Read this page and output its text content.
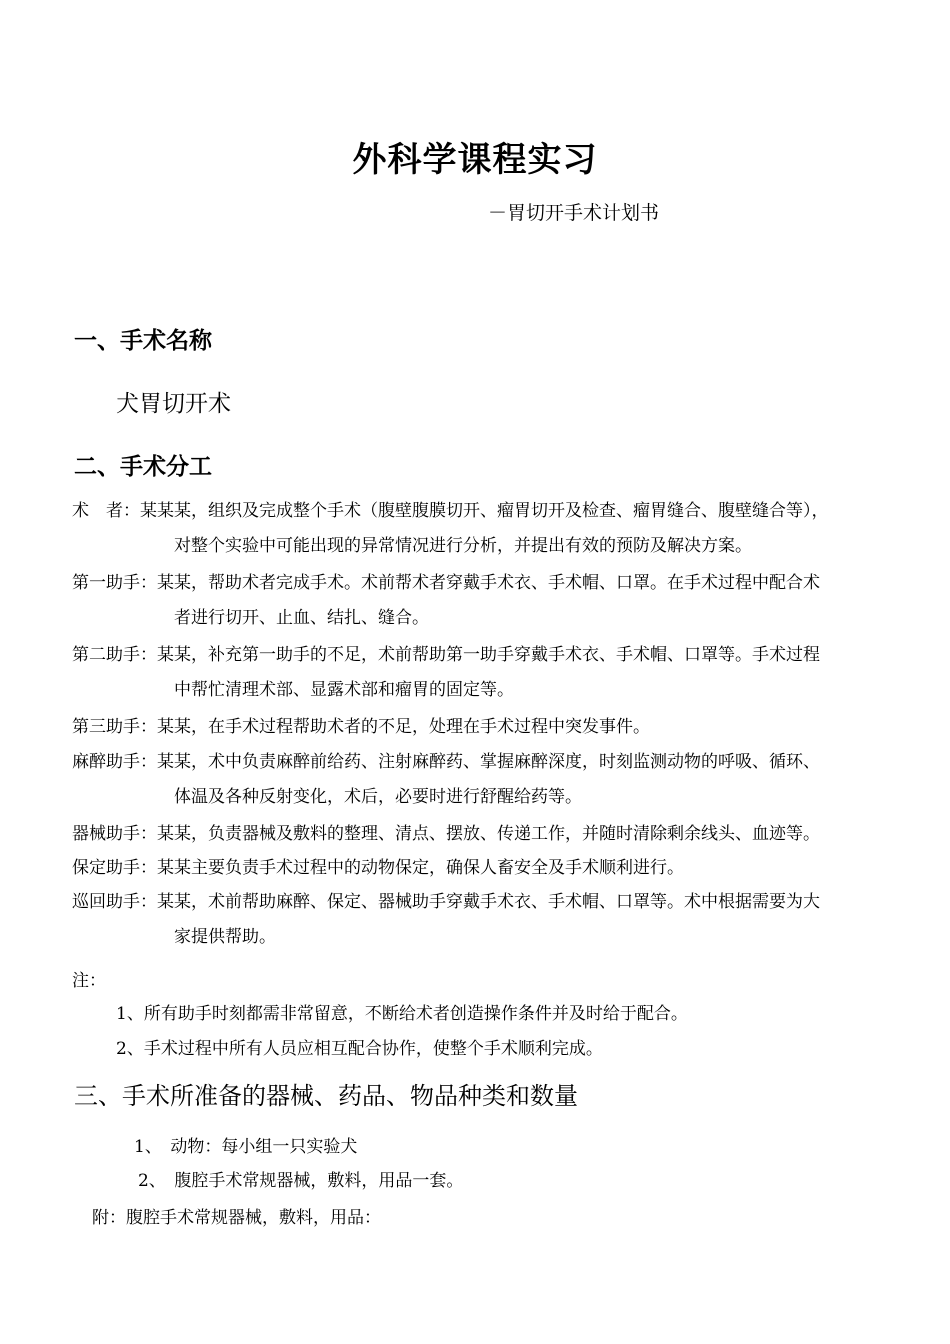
外科学课程实习
－胃切开手术计划书
一、手术名称
犬胃切开术
二、手术分工
术　者：某某某，组织及完成整个手术（腹壁腹膜切开、瘤胃切开及检查、瘤胃缝合、腹壁缝合等），
对整个实验中可能出现的异常情况进行分析，并提出有效的预防及解决方案。
第一助手：某某，帮助术者完成手术。术前帮术者穿戴手术衣、手术帽、口罩。在手术过程中配合术
者进行切开、止血、结扎、缝合。
第二助手：某某，补充第一助手的不足，术前帮助第一助手穿戴手术衣、手术帽、口罩等。手术过程
中帮忙清理术部、显露术部和瘤胃的固定等。
第三助手：某某，在手术过程帮助术者的不足，处理在手术过程中突发事件。
麻醉助手：某某，术中负责麻醉前给药、注射麻醉药、掌握麻醉深度，时刻监测动物的呼吸、循环、
体温及各种反射变化，术后，必要时进行舒醒给药等。
器械助手：某某，负责器械及敷料的整理、清点、摆放、传递工作，并随时清除剩余线头、血迹等。
保定助手：某某主要负责手术过程中的动物保定，确保人畜安全及手术顺利进行。
巡回助手：某某，术前帮助麻醉、保定、器械助手穿戴手术衣、手术帽、口罩等。术中根据需要为大
家提供帮助。
注：
1、所有助手时刻都需非常留意，不断给术者创造操作条件并及时给于配合。
2、手术过程中所有人员应相互配合协作，使整个手术顺利完成。
三、手术所准备的器械、药品、物品种类和数量
1、　动物：每小组一只实验犬
2、　腹腔手术常规器械，敷料，用品一套。
附：腹腔手术常规器械，敷料，用品：
